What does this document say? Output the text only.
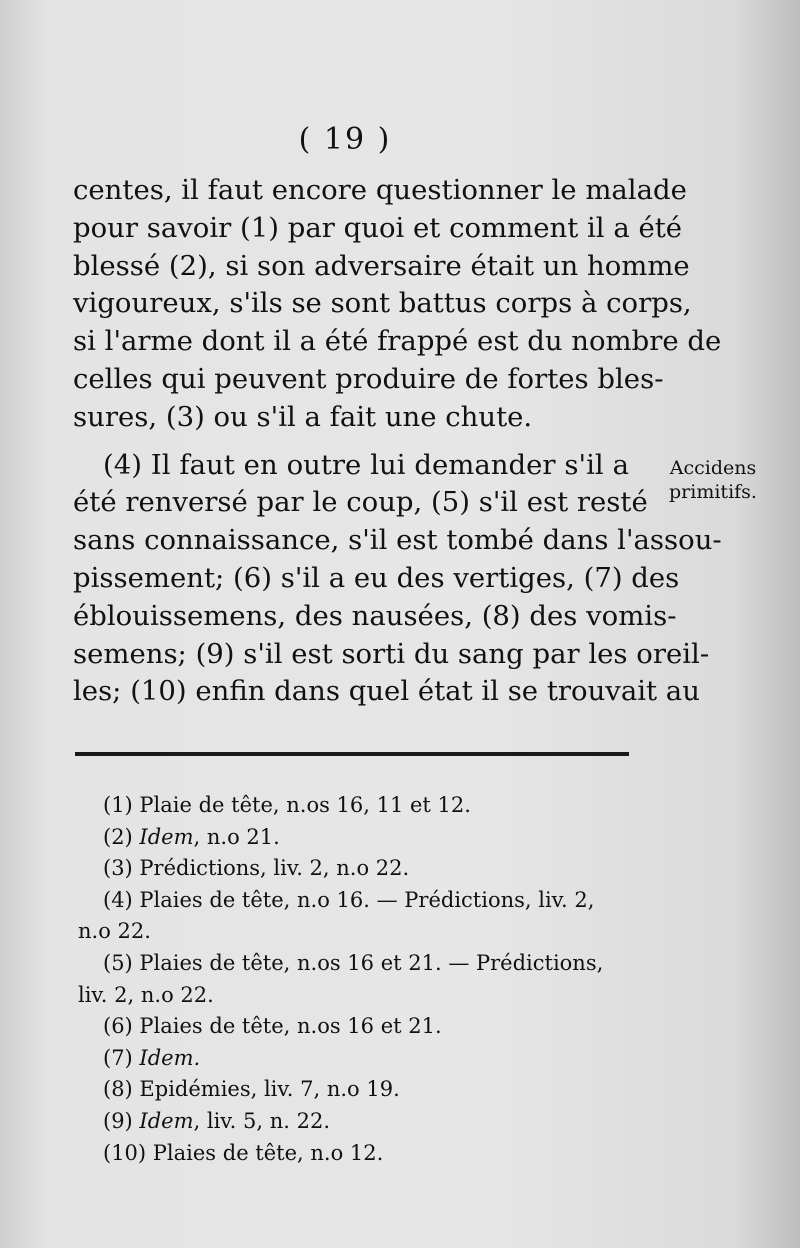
( 19 )
centes, il faut encore questionner le malade
pour savoir (1) par quoi et comment il a été
blessé (2), si son adversaire était un homme
vigoureux, s'ils se sont battus corps à corps,
si l'arme dont il a été frappé est du nombre de
celles qui peuvent produire de fortes bles-
sures, (3) ou s'il a fait une chute.
(4) Il faut en outre lui demander s'il a
été renversé par le coup, (5) s'il est resté
sans connaissance, s'il est tombé dans l'assou-
pissement; (6) s'il a eu des vertiges, (7) des
éblouissemens, des nausées, (8) des vomis-
semens; (9) s'il est sorti du sang par les oreil-
les; (10) enfin dans quel état il se trouvait au
Accidens
primitifs.
(1) Plaie de tête, n.os 16, 11 et 12.
(2) Idem, n.o 21.
(3) Prédictions, liv. 2, n.o 22.
(4) Plaies de tête, n.o 16. — Prédictions, liv. 2,
n.o 22.
(5) Plaies de tête, n.os 16 et 21. — Prédictions,
liv. 2, n.o 22.
(6) Plaies de tête, n.os 16 et 21.
(7) Idem.
(8) Epidémies, liv. 7, n.o 19.
(9) Idem, liv. 5, n. 22.
(10) Plaies de tête, n.o 12.
